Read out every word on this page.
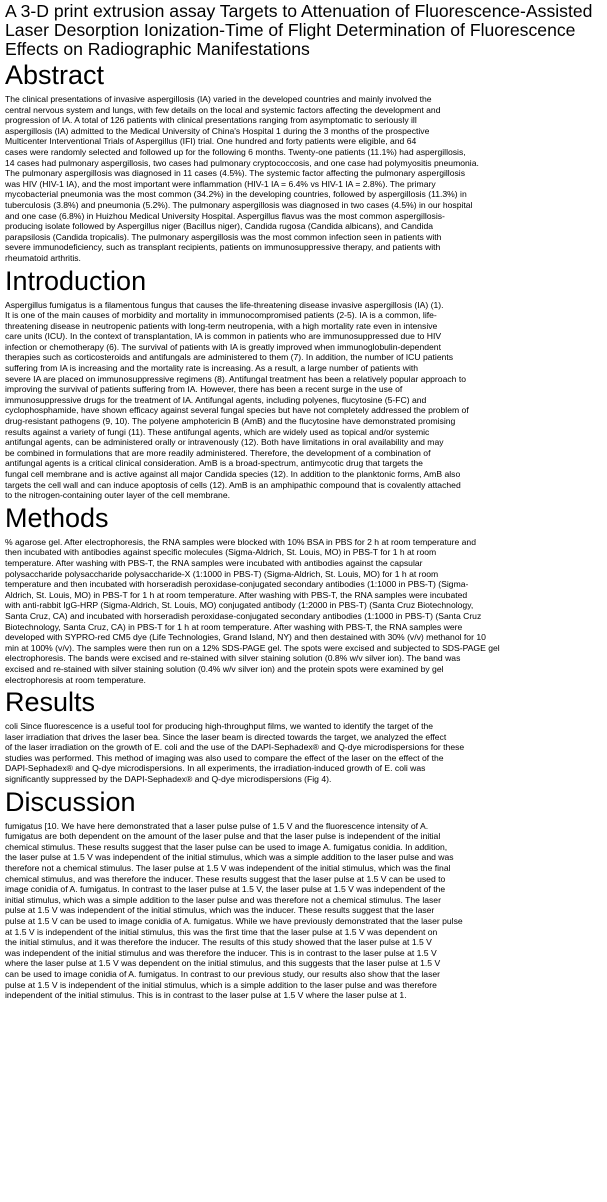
A 3-D print extrusion assay Targets to Attenuation of Fluorescence-Assisted Laser Desorption Ionization-Time of Flight Determination of Fluorescence Effects on Radiographic Manifestations
Abstract

The clinical presentations of invasive aspergillosis (IA) varied in the developed countries and mainly involved the
central nervous system and lungs, with few details on the local and systemic factors affecting the development and
progression of IA. A total of 126 patients with clinical presentations ranging from asymptomatic to seriously ill
aspergillosis (IA) admitted to the Medical University of China's Hospital 1 during the 3 months of the prospective
Multicenter Interventional Trials of Aspergillus (IFI) trial. One hundred and forty patients were eligible, and 64
cases were randomly selected and followed up for the following 6 months. Twenty-one patients (11.1%) had aspergillosis,
14 cases had pulmonary aspergillosis, two cases had pulmonary cryptococcosis, and one case had polymyositis pneumonia.
The pulmonary aspergillosis was diagnosed in 11 cases (4.5%). The systemic factor affecting the pulmonary aspergillosis
was HIV (HIV-1 IA), and the most important were inflammation (HIV-1 IA = 6.4% vs HIV-1 IA = 2.8%). The primary
mycobacterial pneumonia was the most common (34.2%) in the developing countries, followed by aspergillosis (11.3%) in
tuberculosis (3.8%) and pneumonia (5.2%). The pulmonary aspergillosis was diagnosed in two cases (4.5%) in our hospital
and one case (6.8%) in Huizhou Medical University Hospital. Aspergillus flavus was the most common aspergillosis-
producing isolate followed by Aspergillus niger (Bacillus niger), Candida rugosa (Candida albicans), and Candida
parapsilosis (Candida tropicalis). The pulmonary aspergillosis was the most common infection seen in patients with
severe immunodeficiency, such as transplant recipients, patients on immunosuppressive therapy, and patients with
rheumatoid arthritis.

Introduction

Aspergillus fumigatus is a filamentous fungus that causes the life-threatening disease invasive aspergillosis (IA) (1).
It is one of the main causes of morbidity and mortality in immunocompromised patients (2-5). IA is a common, life-
threatening disease in neutropenic patients with long-term neutropenia, with a high mortality rate even in intensive
care units (ICU). In the context of transplantation, IA is common in patients who are immunosuppressed due to HIV
infection or chemotherapy (6). The survival of patients with IA is greatly improved when immunoglobulin-dependent
therapies such as corticosteroids and antifungals are administered to them (7). In addition, the number of ICU patients
suffering from IA is increasing and the mortality rate is increasing. As a result, a large number of patients with
severe IA are placed on immunosuppressive regimens (8). Antifungal treatment has been a relatively popular approach to
improving the survival of patients suffering from IA. However, there has been a recent surge in the use of
immunosuppressive drugs for the treatment of IA. Antifungal agents, including polyenes, flucytosine (5-FC) and
cyclophosphamide, have shown efficacy against several fungal species but have not completely addressed the problem of
drug-resistant pathogens (9, 10). The polyene amphotericin B (AmB) and the flucytosine have demonstrated promising
results against a variety of fungi (11). These antifungal agents, which are widely used as topical and/or systemic
antifungal agents, can be administered orally or intravenously (12). Both have limitations in oral availability and may
be combined in formulations that are more readily administered. Therefore, the development of a combination of
antifungal agents is a critical clinical consideration. AmB is a broad-spectrum, antimycotic drug that targets the
fungal cell membrane and is active against all major Candida species (12). In addition to the planktonic forms, AmB also
targets the cell wall and can induce apoptosis of cells (12). AmB is an amphipathic compound that is covalently attached
to the nitrogen-containing outer layer of the cell membrane.

Methods

% agarose gel. After electrophoresis, the RNA samples were blocked with 10% BSA in PBS for 2 h at room temperature and
then incubated with antibodies against specific molecules (Sigma-Aldrich, St. Louis, MO) in PBS-T for 1 h at room
temperature. After washing with PBS-T, the RNA samples were incubated with antibodies against the capsular
polysaccharide polysaccharide polysaccharide-X (1:1000 in PBS-T) (Sigma-Aldrich, St. Louis, MO) for 1 h at room
temperature and then incubated with horseradish peroxidase-conjugated secondary antibodies (1:1000 in PBS-T) (Sigma-
Aldrich, St. Louis, MO) in PBS-T for 1 h at room temperature. After washing with PBS-T, the RNA samples were incubated
with anti-rabbit IgG-HRP (Sigma-Aldrich, St. Louis, MO) conjugated antibody (1:2000 in PBS-T) (Santa Cruz Biotechnology,
Santa Cruz, CA) and incubated with horseradish peroxidase-conjugated secondary antibodies (1:1000 in PBS-T) (Santa Cruz
Biotechnology, Santa Cruz, CA) in PBS-T for 1 h at room temperature. After washing with PBS-T, the RNA samples were
developed with SYPRO-red CM5 dye (Life Technologies, Grand Island, NY) and then destained with 30% (v/v) methanol for 10
min at 100% (v/v). The samples were then run on a 12% SDS-PAGE gel. The spots were excised and subjected to SDS-PAGE gel
electrophoresis. The bands were excised and re-stained with silver staining solution (0.8% w/v silver ion). The band was
excised and re-stained with silver staining solution (0.4% w/v silver ion) and the protein spots were examined by gel
electrophoresis at room temperature.

Results

coli Since fluorescence is a useful tool for producing high-throughput films, we wanted to identify the target of the
laser irradiation that drives the laser bea. Since the laser beam is directed towards the target, we analyzed the effect
of the laser irradiation on the growth of E. coli and the use of the DAPI-Sephadex® and Q-dye microdispersions for these
studies was performed. This method of imaging was also used to compare the effect of the laser on the effect of the
DAPI-Sephadex® and Q-dye microdispersions. In all experiments, the irradiation-induced growth of E. coli was
significantly suppressed by the DAPI-Sephadex® and Q-dye microdispersions (Fig 4).

Discussion

fumigatus [10. We have here demonstrated that a laser pulse pulse of 1.5 V and the fluorescence intensity of A.
fumigatus are both dependent on the amount of the laser pulse and that the laser pulse is independent of the initial
chemical stimulus. These results suggest that the laser pulse can be used to image A. fumigatus conidia. In addition,
the laser pulse at 1.5 V was independent of the initial stimulus, which was a simple addition to the laser pulse and was
therefore not a chemical stimulus. The laser pulse at 1.5 V was independent of the initial stimulus, which was the final
chemical stimulus, and was therefore the inducer. These results suggest that the laser pulse at 1.5 V can be used to
image conidia of A. fumigatus. In contrast to the laser pulse at 1.5 V, the laser pulse at 1.5 V was independent of the
initial stimulus, which was a simple addition to the laser pulse and was therefore not a chemical stimulus. The laser
pulse at 1.5 V was independent of the initial stimulus, which was the inducer. These results suggest that the laser
pulse at 1.5 V can be used to image conidia of A. fumigatus. While we have previously demonstrated that the laser pulse
at 1.5 V is independent of the initial stimulus, this was the first time that the laser pulse at 1.5 V was dependent on
the initial stimulus, and it was therefore the inducer. The results of this study showed that the laser pulse at 1.5 V
was independent of the initial stimulus and was therefore the inducer. This is in contrast to the laser pulse at 1.5 V
where the laser pulse at 1.5 V was dependent on the initial stimulus, and this suggests that the laser pulse at 1.5 V
can be used to image conidia of A. fumigatus. In contrast to our previous study, our results also show that the laser
pulse at 1.5 V is independent of the initial stimulus, which is a simple addition to the laser pulse and was therefore
independent of the initial stimulus. This is in contrast to the laser pulse at 1.5 V where the laser pulse at 1.
